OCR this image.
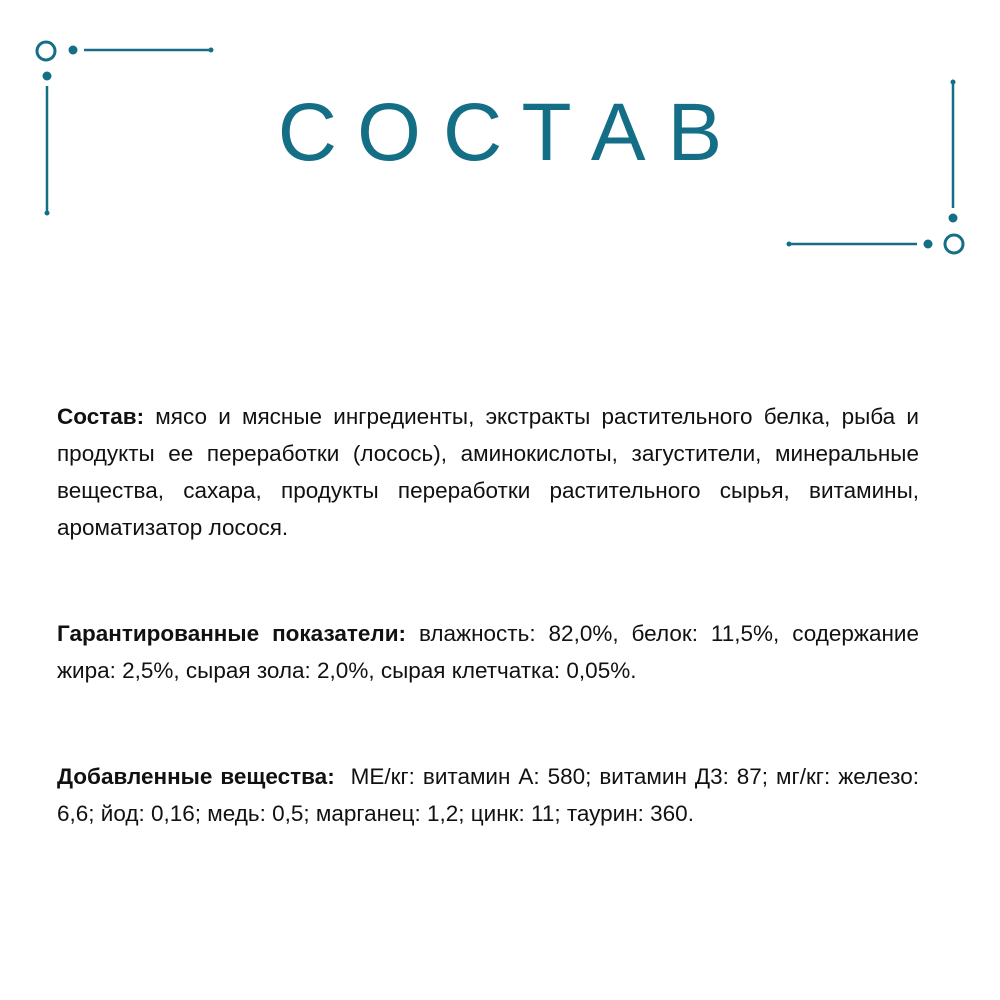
СОСТАВ

Состав: мясо и мясные ингредиенты, экстракты растительного белка, рыба и продукты ее переработки (лосось), аминокислоты, загустители, минеральные вещества, сахара, продукты переработки растительного сырья, витамины, ароматизатор лосося.

Гарантированные показатели: влажность: 82,0%, белок: 11,5%, содержание жира: 2,5%, сырая зола: 2,0%, сырая клетчатка: 0,05%.

Добавленные вещества:  МЕ/кг: витамин А: 580; витамин Д3: 87; мг/кг: железо: 6,6; йод: 0,16; медь: 0,5; марганец: 1,2; цинк: 11; таурин: 360.
